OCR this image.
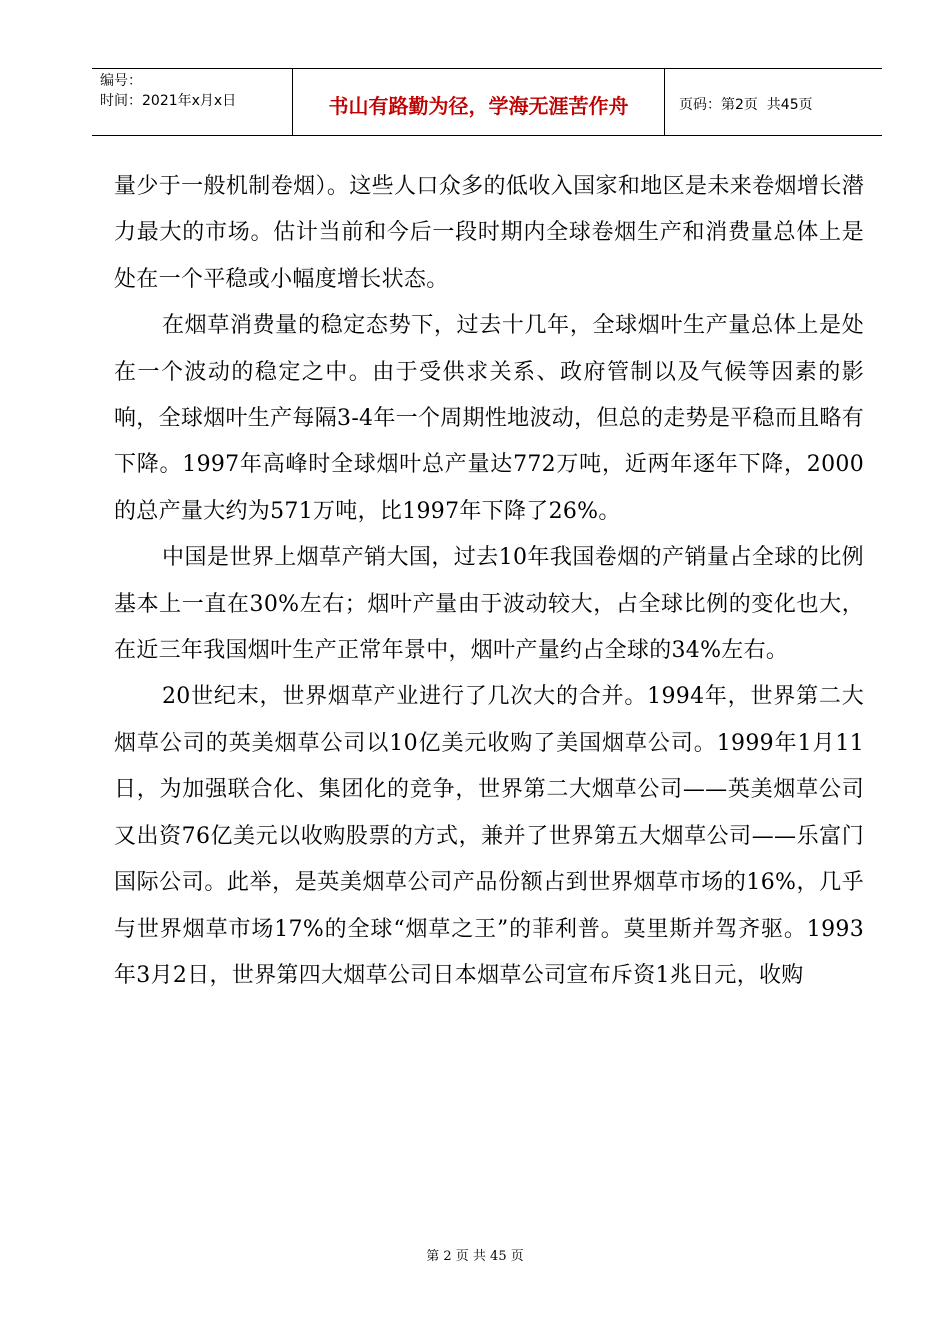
编号：
时间：2021年x月x日	书山有路勤为径，学海无涯苦作舟	页码：第2页  共45页

量少于一般机制卷烟）。这些人口众多的低收入国家和地区是未来卷烟增长潜力最大的市场。估计当前和今后一段时期内全球卷烟生产和消费量总体上是处在一个平稳或小幅度增长状态。

在烟草消费量的稳定态势下，过去十几年，全球烟叶生产量总体上是处在一个波动的稳定之中。由于受供求关系、政府管制以及气候等因素的影响，全球烟叶生产每隔3-4年一个周期性地波动，但总的走势是平稳而且略有下降。1997年高峰时全球烟叶总产量达772万吨，近两年逐年下降，2000的总产量大约为571万吨，比1997年下降了26%。

中国是世界上烟草产销大国，过去10年我国卷烟的产销量占全球的比例基本上一直在30%左右；烟叶产量由于波动较大，占全球比例的变化也大，在近三年我国烟叶生产正常年景中，烟叶产量约占全球的34%左右。

20世纪末，世界烟草产业进行了几次大的合并。1994年，世界第二大烟草公司的英美烟草公司以10亿美元收购了美国烟草公司。1999年1月11日，为加强联合化、集团化的竞争，世界第二大烟草公司——英美烟草公司又出资76亿美元以收购股票的方式，兼并了世界第五大烟草公司——乐富门国际公司。此举，是英美烟草公司产品份额占到世界烟草市场的16%，几乎与世界烟草市场17%的全球“烟草之王”的菲利普。莫里斯并驾齐驱。1993年3月2日，世界第四大烟草公司日本烟草公司宣布斥资1兆日元，收购

第 2 页 共 45 页
